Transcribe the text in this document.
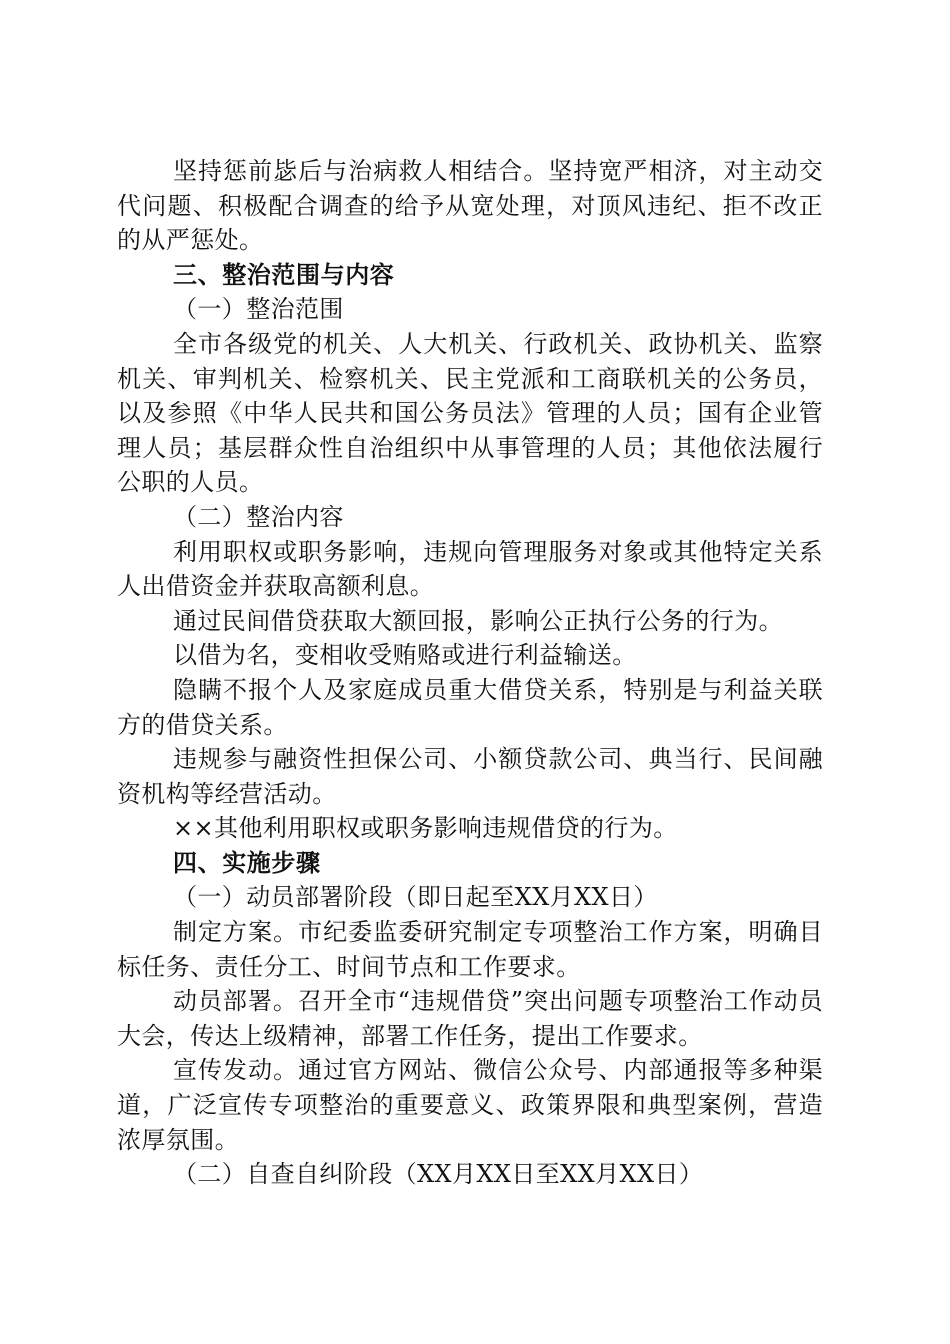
坚持惩前毖后与治病救人相结合。坚持宽严相济，对主动交代问题、积极配合调查的给予从宽处理，对顶风违纪、拒不改正的从严惩处。

三、整治范围与内容

（一）整治范围

全市各级党的机关、人大机关、行政机关、政协机关、监察机关、审判机关、检察机关、民主党派和工商联机关的公务员，以及参照《中华人民共和国公务员法》管理的人员；国有企业管理人员；基层群众性自治组织中从事管理的人员；其他依法履行公职的人员。

（二）整治内容

利用职权或职务影响，违规向管理服务对象或其他特定关系人出借资金并获取高额利息。

通过民间借贷获取大额回报，影响公正执行公务的行为。

以借为名，变相收受贿赂或进行利益输送。

隐瞒不报个人及家庭成员重大借贷关系，特别是与利益关联方的借贷关系。

违规参与融资性担保公司、小额贷款公司、典当行、民间融资机构等经营活动。

××其他利用职权或职务影响违规借贷的行为。

四、实施步骤

（一）动员部署阶段（即日起至XX月XX日）

制定方案。市纪委监委研究制定专项整治工作方案，明确目标任务、责任分工、时间节点和工作要求。

动员部署。召开全市“违规借贷”突出问题专项整治工作动员大会，传达上级精神，部署工作任务，提出工作要求。

宣传发动。通过官方网站、微信公众号、内部通报等多种渠道，广泛宣传专项整治的重要意义、政策界限和典型案例，营造浓厚氛围。

（二）自查自纠阶段（XX月XX日至XX月XX日）
